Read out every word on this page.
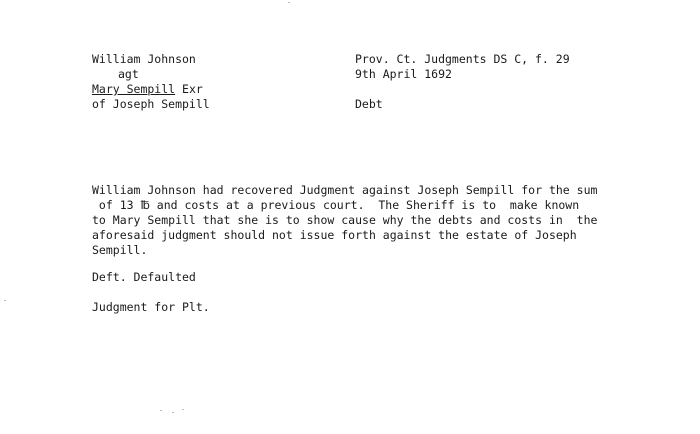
William Johnson
agt
Mary Sempill Exr
of Joseph Sempill
Prov. Ct. Judgments DS C, f. 29
9th April 1692
Debt
William Johnson had recovered Judgment against Joseph Sempill for the sum
of 13 ℔ and costs at a previous court.  The Sheriff is to  make known
to Mary Sempill that she is to show cause why the debts and costs in  the
aforesaid judgment should not issue forth against the estate of Joseph
Sempill.
Deft. Defaulted
Judgment for Plt.
